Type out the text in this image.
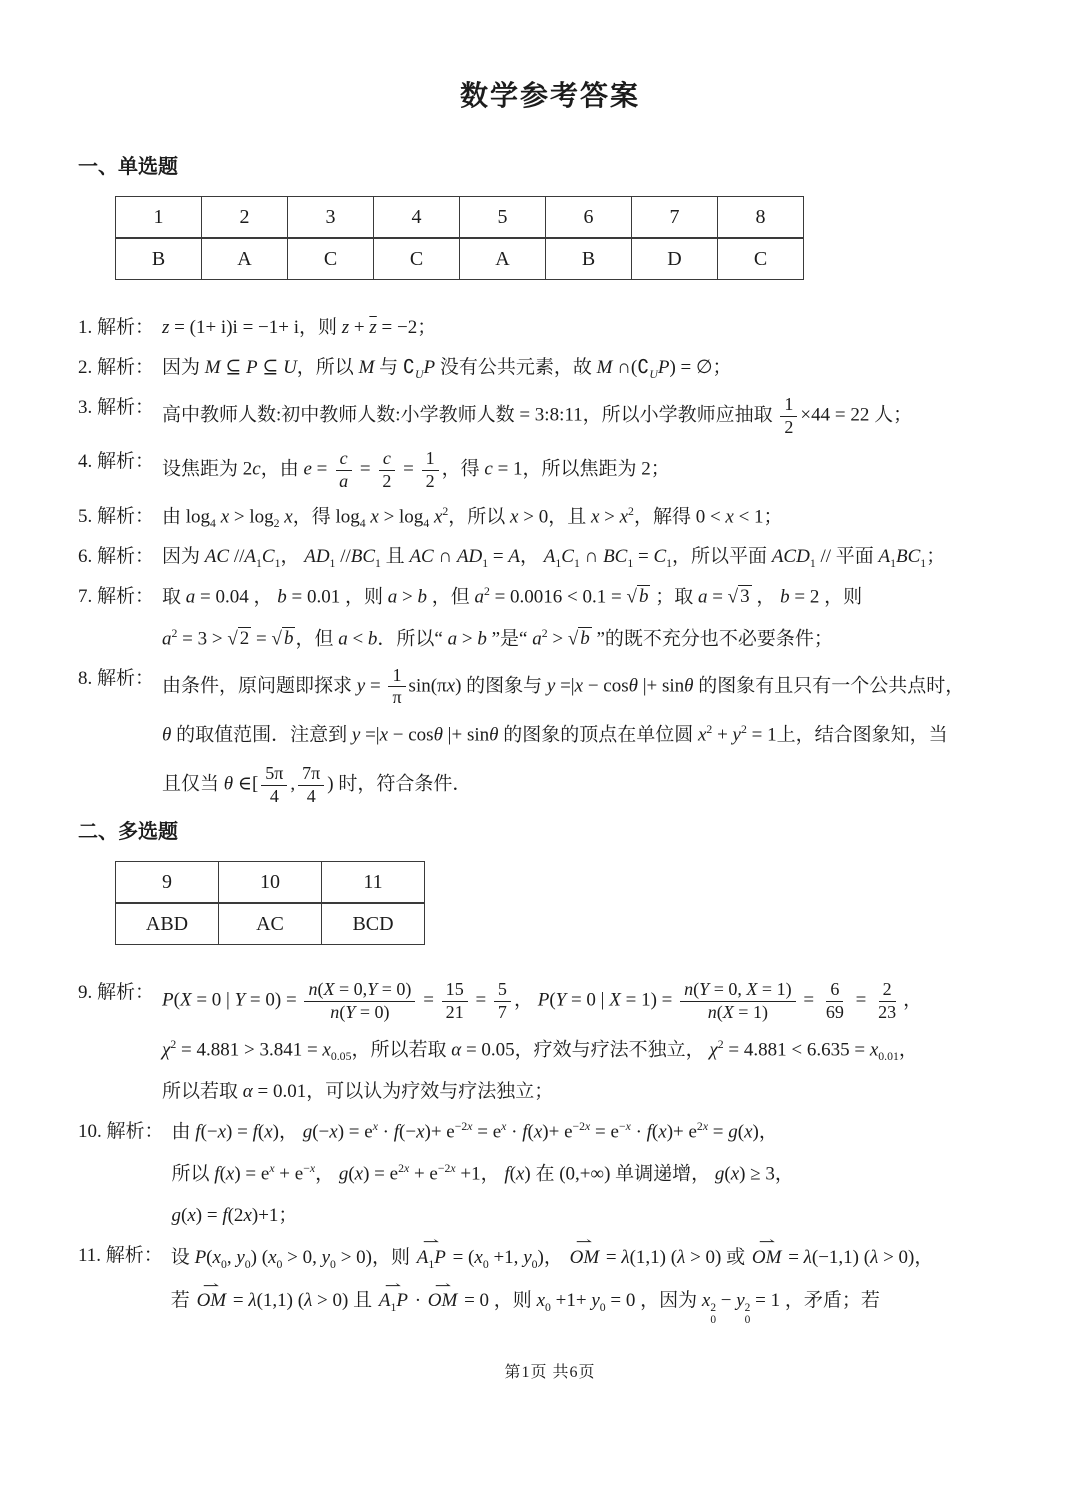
数学参考答案
一、单选题
1	2	3	4	5	6	7	8
B	A	C	C	A	B	D	C
1. 解析： z = (1+ i)i = −1+ i，则 $z + \overline{z} = -2$；
2. 解析： 因为 M ⊆ P ⊆ U，所以 M 与 $∁_UP$ 没有公共元素，故 M $\cap(∁_UP)$ = ∅；
3. 解析： 高中教师人数:初中教师人数:小学教师人数 = 3:8:11，所以小学教师应抽取 $\frac{1}{2} \times 44 = 22$ 人；
4. 解析： 设焦距为 2c，由 $e = \frac{c}{a} = \frac{c}{2} = \frac{1}{2}$ ，得 c = 1，所以焦距为 2；
5. 解析： 由 $\log_4 x > \log_2 x$，得 $\log_4 x > \log_4 x^2$，所以 x > 0，且 $x > x^2$，解得 0 < x < 1；
6. 解析： 因为 AC $//A_1C_1$， $AD_1$ $//BC_1$ 且 AC ∩ $AD_1 = A$， $A_1C_1$ ∩ $BC_1 = C_1$，所以平面 $ACD_1$ // 平面 $A_1BC_1$；
7. 解析： 取 a = 0.04 ， b = 0.01 ，则 a > b ，但 $a^2 = 0.0016 < 0.1$ = √ b ；取 a = √ 3 ， b = 2 ，则
$a^2 = 3$ > √ 2 = √ b ，但 a < b．所以“ a > b ”是“ $a^2$ > √ b ”的既不充分也不必要条件；
8. 解析： 由条件，原问题即探求 $y = \frac{1}{\pi} \sin(\pi x)$ 的图象与 y =|x − cosθ |+ sinθ 的图象有且只有一个公共点时，
θ 的取值范围．注意到 y =|x − cosθ |+ sinθ 的图象的顶点在单位圆 $x^2 + y^2 = 1$上，结合图象知，当
且仅当 θ ∈[ $\frac{5\pi}{4}$ , $\frac{7\pi}{4}$ ) 时，符合条件．
二、多选题
9	10	11
ABD	AC	BCD
9. 解析： P(X = 0 | $Y = 0) = \frac{n(X = 0,Y = 0)}{n(Y = 0)} = \frac{15}{21} = \frac{5}{7}$ ， P(Y = 0 | $X = 1) = \frac{n(Y = 0, X = 1)}{n(X = 1)} = \frac{6}{69} = \frac{2}{23}$ ，
$\chi^2 = 4.881 > 3.841 = x_{0.05}$，所以若取 α = 0.05，疗效与疗法不独立， $\chi^2 = 4.881 < 6.635 = x_{0.01}$，
所以若取 α = 0.01，可以认为疗效与疗法独立；
10. 解析： 由 f(−x) = f(x)， $g(-x) = e^x \cdot f(-x)+ e^{-2x} = e^x \cdot f(x)+ e^{-2x} = e^{-x} \cdot f(x)+ e^{2x} = g(x)$，
所以 $f(x) = e^x + e^{-x}$， $g(x) = e^{2x} + e^{-2x} +1$， f(x) 在 (0,+∞) 单调递增， g(x) ≥ 3，
g(x) = f(2x)+1；
11. 解析： 设 $P(x_0$, $y_0$) ($x_0 > 0$, $y_0 > 0$)，则 ⇀ $A_1P = (x_0 +1$, $y_0$)， ⇀ OM = λ(1,1) (λ > 0) 或 ⇀ OM = λ(−1,1) (λ > 0)，
若 ⇀ OM = λ(1,1) (λ > 0) 且 ⇀ $A_1P$ · ⇀ OM = 0 ，则 $x_0 +1+ y_0 = 0$ ，因为 x 2
0
− y 2
0
= 1 ，矛盾；若
第1页 共6页
